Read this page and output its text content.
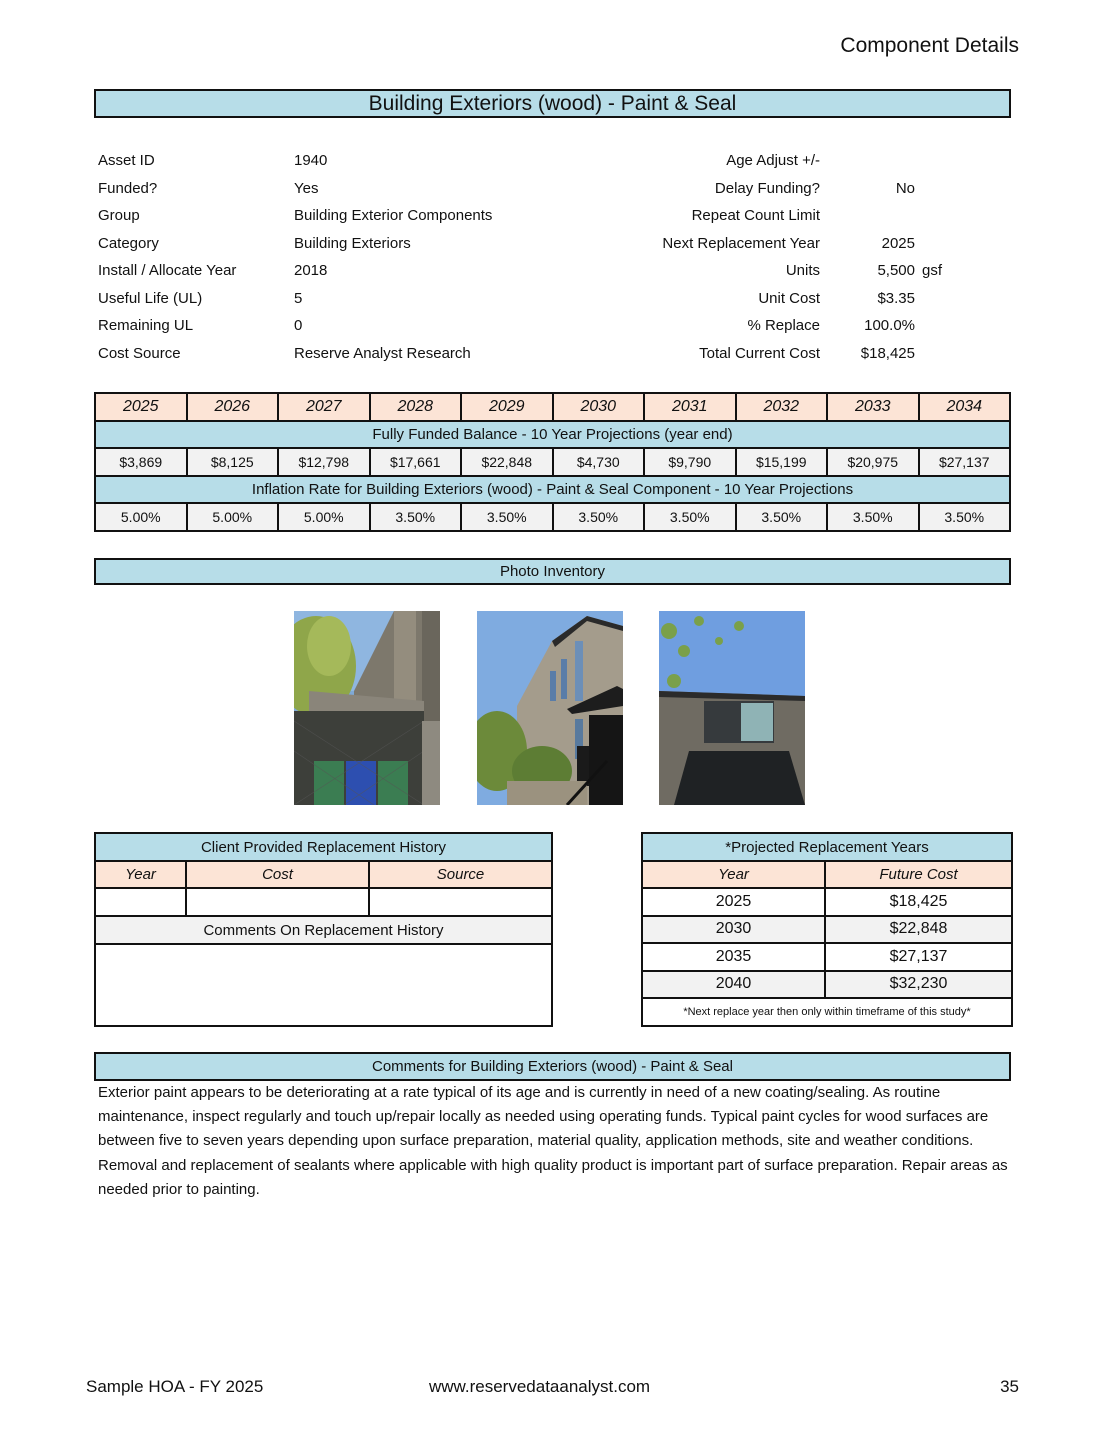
Component Details
Building Exteriors (wood) - Paint & Seal
Asset ID	1940
Funded?	Yes
Group	Building Exterior Components
Category	Building Exteriors
Install / Allocate Year	2018
Useful Life (UL)	5
Remaining UL	0
Cost Source	Reserve Analyst Research
Age Adjust +/-
Delay Funding?	No
Repeat Count Limit
Next Replacement Year	2025
Units	5,500 gsf
Unit Cost	$3.35
% Replace	100.0%
Total Current Cost	$18,425
2025	2026	2027	2028	2029	2030	2031	2032	2033	2034
Fully Funded Balance - 10 Year Projections (year end)									
$3,869	$8,125	$12,798	$17,661	$22,848	$4,730	$9,790	$15,199	$20,975	$27,137
Inflation Rate for Building Exteriors (wood) - Paint & Seal Component - 10 Year Projections									
5.00%	5.00%	5.00%	3.50%	3.50%	3.50%	3.50%	3.50%	3.50%	3.50%
Photo Inventory
Client Provided Replacement History		
Year	Cost	Source

Comments On Replacement History		

*Projected Replacement Years	
Year	Future Cost
2025	$18,425
2030	$22,848
2035	$27,137
2040	$32,230
*Next replace year then only within timeframe of this study*	
Comments for Building Exteriors (wood) - Paint & Seal
Exterior paint appears to be deteriorating at a rate typical of its age and is currently in need of a new coating/sealing. As routine maintenance, inspect regularly and touch up/repair locally as needed using operating funds. Typical paint cycles for wood surfaces are between five to seven years depending upon surface preparation, material quality, application methods, site and weather conditions. Removal and replacement of sealants where applicable with high quality product is important part of surface preparation. Repair areas as needed prior to painting.
Sample HOA - FY 2025	www.reservedataanalyst.com	35
